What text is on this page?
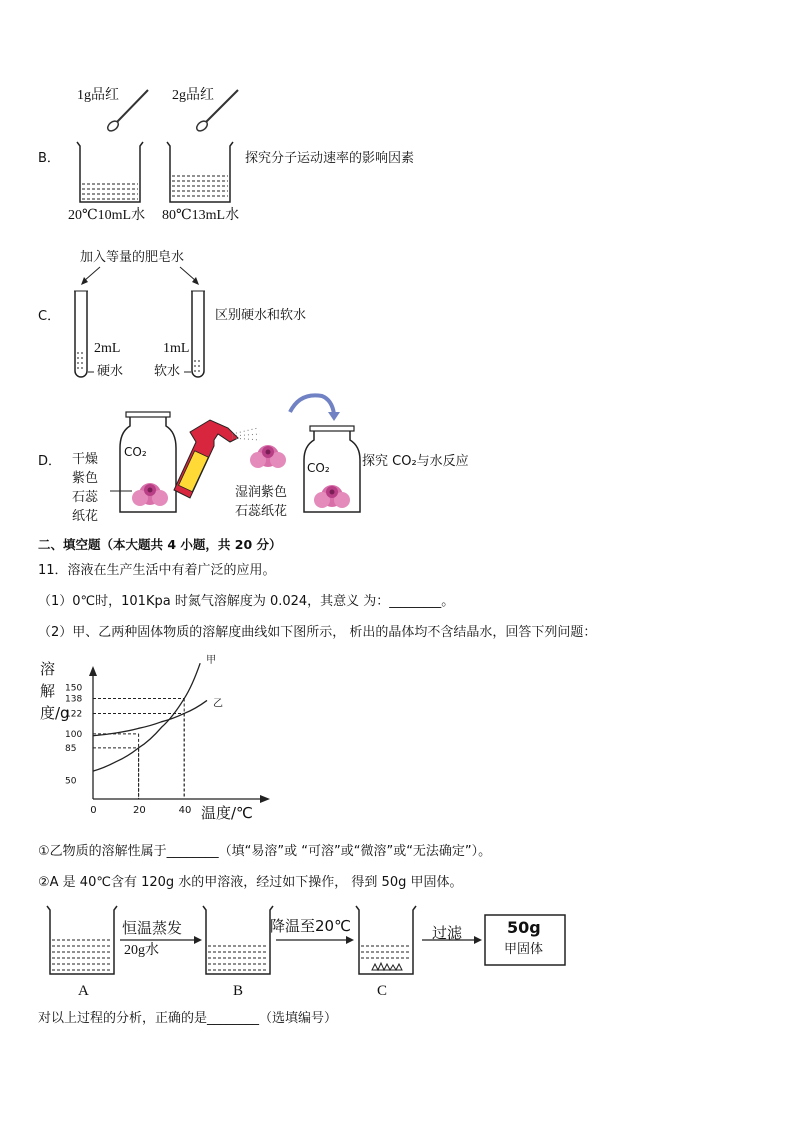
B．
1g品红	2g品红
20℃10mL水 80℃13mL水
探究分子运动速率的影响因素
C．
加入等量的肥皂水
2mL	1mL
硬水 软水
区别硬水和软水
D． 干燥
紫色
石蕊
纸花
CO₂
CO₂
湿润紫色
石蕊纸花
探究 CO₂与水反应
二、填空题（本大题共 4 小题，共 20 分）
11．溶液在生产生活中有着广泛的应用。
（1）0℃时，101Kpa 时氮气溶解度为 0.024，其意义 为：________。
（2）甲、乙两种固体物质的溶解度曲线如下图所示， 析出的晶体均不含结晶水，回答下列问题：
溶解度/g
50
85
100
122
138
150
0	20	40
甲
乙
温度/℃
①乙物质的溶解性属于________（填“易溶”或 “可溶”或“微溶”或“无法确定”）。
②A 是 40℃含有 120g 水的甲溶液，经过如下操作， 得到 50g 甲固体。
恒温蒸发
20g水
降温至20℃	过滤	50g
甲固体
A	B	C
对以上过程的分析，正确的是________（选填编号）
